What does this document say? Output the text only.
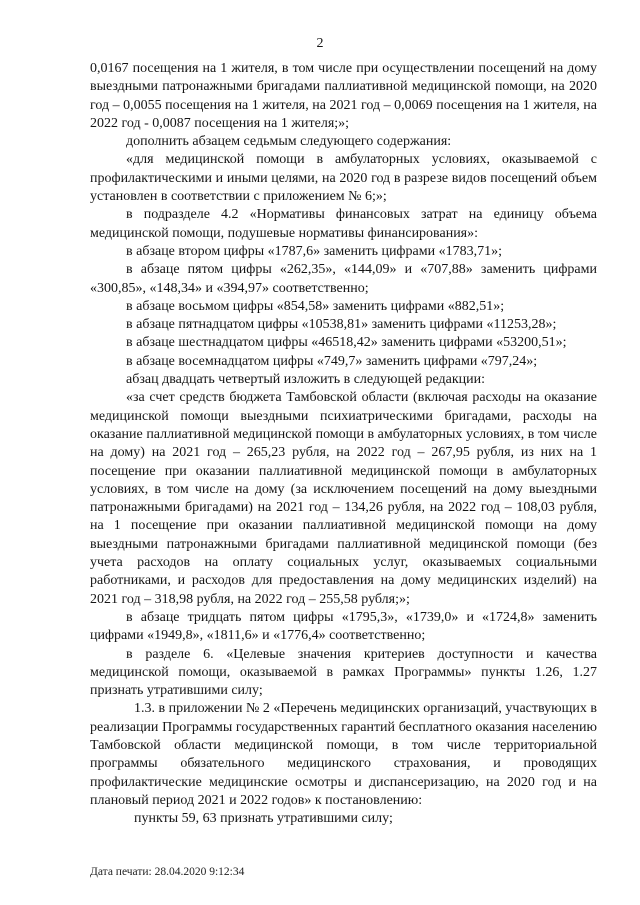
2

0,0167 посещения на 1 жителя, в том числе при осуществлении посещений на дому выездными патронажными бригадами паллиативной медицинской помощи, на 2020 год – 0,0055 посещения на 1 жителя, на 2021 год – 0,0069 посещения на 1 жителя, на 2022 год - 0,0087 посещения на 1 жителя;»;

дополнить абзацем седьмым следующего содержания:

«для медицинской помощи в амбулаторных условиях, оказываемой с профилактическими и иными целями, на 2020 год в разрезе видов посещений объем установлен в соответствии с приложением № 6;»;

в подразделе 4.2 «Нормативы финансовых затрат на единицу объема медицинской помощи, подушевые нормативы финансирования»:

в абзаце втором цифры «1787,6» заменить цифрами «1783,71»;

в абзаце пятом цифры «262,35», «144,09» и «707,88» заменить цифрами «300,85», «148,34» и «394,97» соответственно;

в абзаце восьмом цифры «854,58» заменить цифрами «882,51»;

в абзаце пятнадцатом цифры «10538,81» заменить цифрами «11253,28»;

в абзаце шестнадцатом цифры «46518,42» заменить цифрами «53200,51»;

в абзаце восемнадцатом цифры «749,7» заменить цифрами «797,24»;

абзац двадцать четвертый изложить в следующей редакции:

«за счет средств бюджета Тамбовской области (включая расходы на оказание медицинской помощи выездными психиатрическими бригадами, расходы на оказание паллиативной медицинской помощи в амбулаторных условиях, в том числе на дому) на 2021 год – 265,23 рубля, на 2022 год – 267,95 рубля, из них на 1 посещение при оказании паллиативной медицинской помощи в амбулаторных условиях, в том числе на дому (за исключением посещений на дому выездными патронажными бригадами) на 2021 год – 134,26 рубля, на 2022 год – 108,03 рубля, на 1 посещение при оказании паллиативной медицинской помощи на дому выездными патронажными бригадами паллиативной медицинской помощи (без учета расходов на оплату социальных услуг, оказываемых социальными работниками, и расходов для предоставления на дому медицинских изделий) на 2021 год – 318,98 рубля, на 2022 год – 255,58 рубля;»;

в абзаце тридцать пятом цифры «1795,3», «1739,0» и «1724,8» заменить цифрами «1949,8», «1811,6» и «1776,4» соответственно;

в разделе 6. «Целевые значения критериев доступности и качества медицинской помощи, оказываемой в рамках Программы» пункты 1.26, 1.27 признать утратившими силу;

1.3. в приложении № 2 «Перечень медицинских организаций, участвующих в реализации Программы государственных гарантий бесплатного оказания населению Тамбовской области медицинской помощи, в том числе территориальной программы обязательного медицинского страхования, и проводящих профилактические медицинские осмотры и диспансеризацию, на 2020 год и на плановый период 2021 и 2022 годов» к постановлению:

пункты 59, 63 признать утратившими силу;

Дата печати: 28.04.2020 9:12:34
